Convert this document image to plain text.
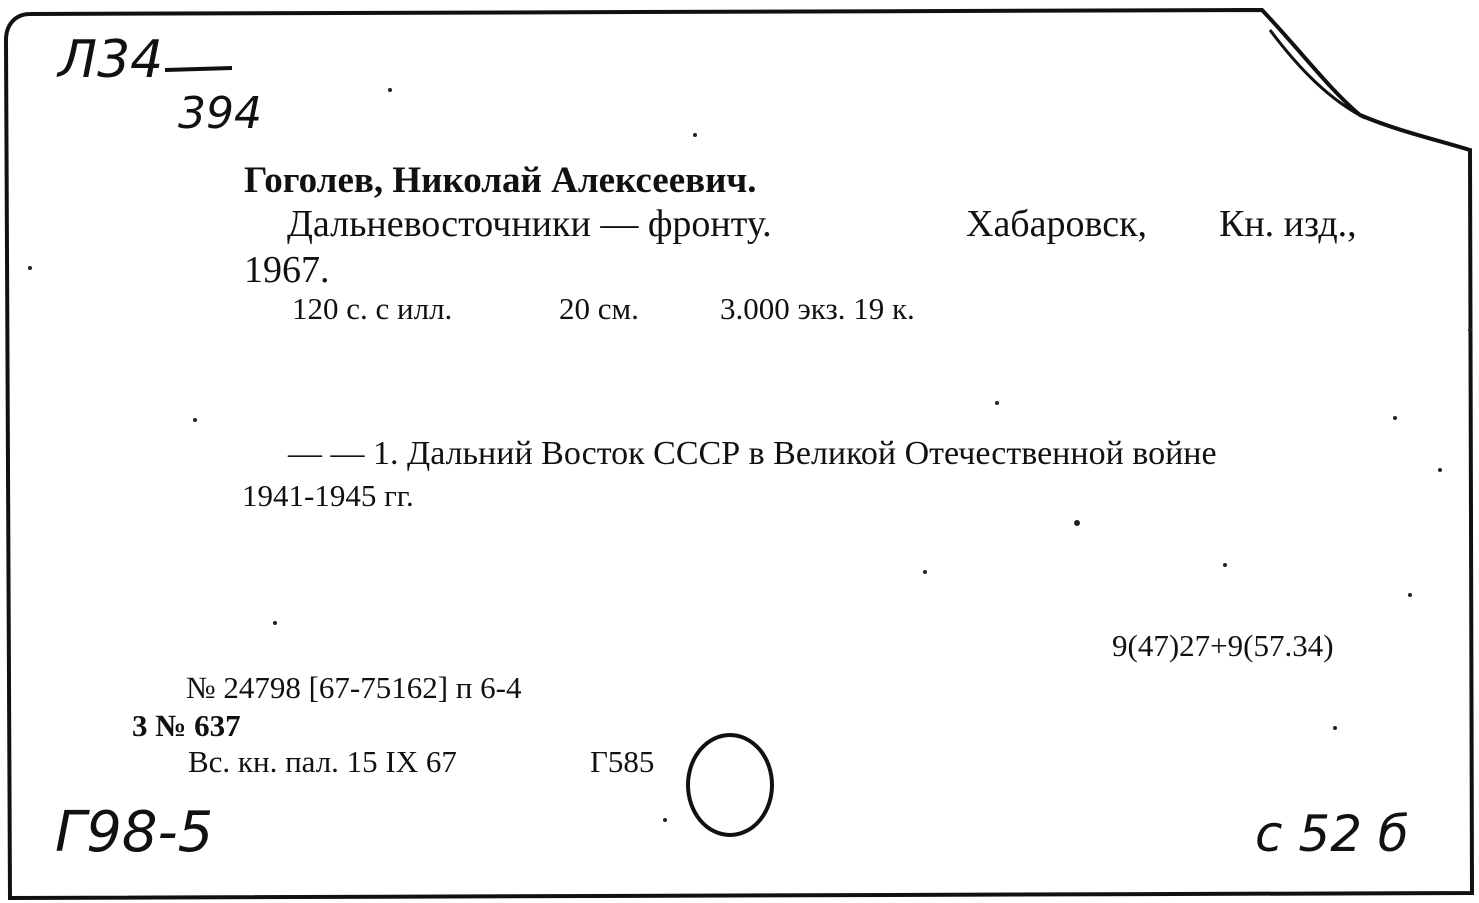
Л34
394
Гоголев, Николай Алексеевич.
Дальневосточники — фронту.	Хабаровск, Кн. изд.,
1967.
120 с. с илл.	20 см.	3.000 экз. 19 к.
— — 1. Дальний Восток СССР в Великой Отечественной войне
1941-1945 гг.
9(47)27+9(57.34)
№ 24798 [67-75162] п 6-4
3 № 637
Вс. кн. пал. 15 IX 67	Г585
Г98-5	с 52 б
